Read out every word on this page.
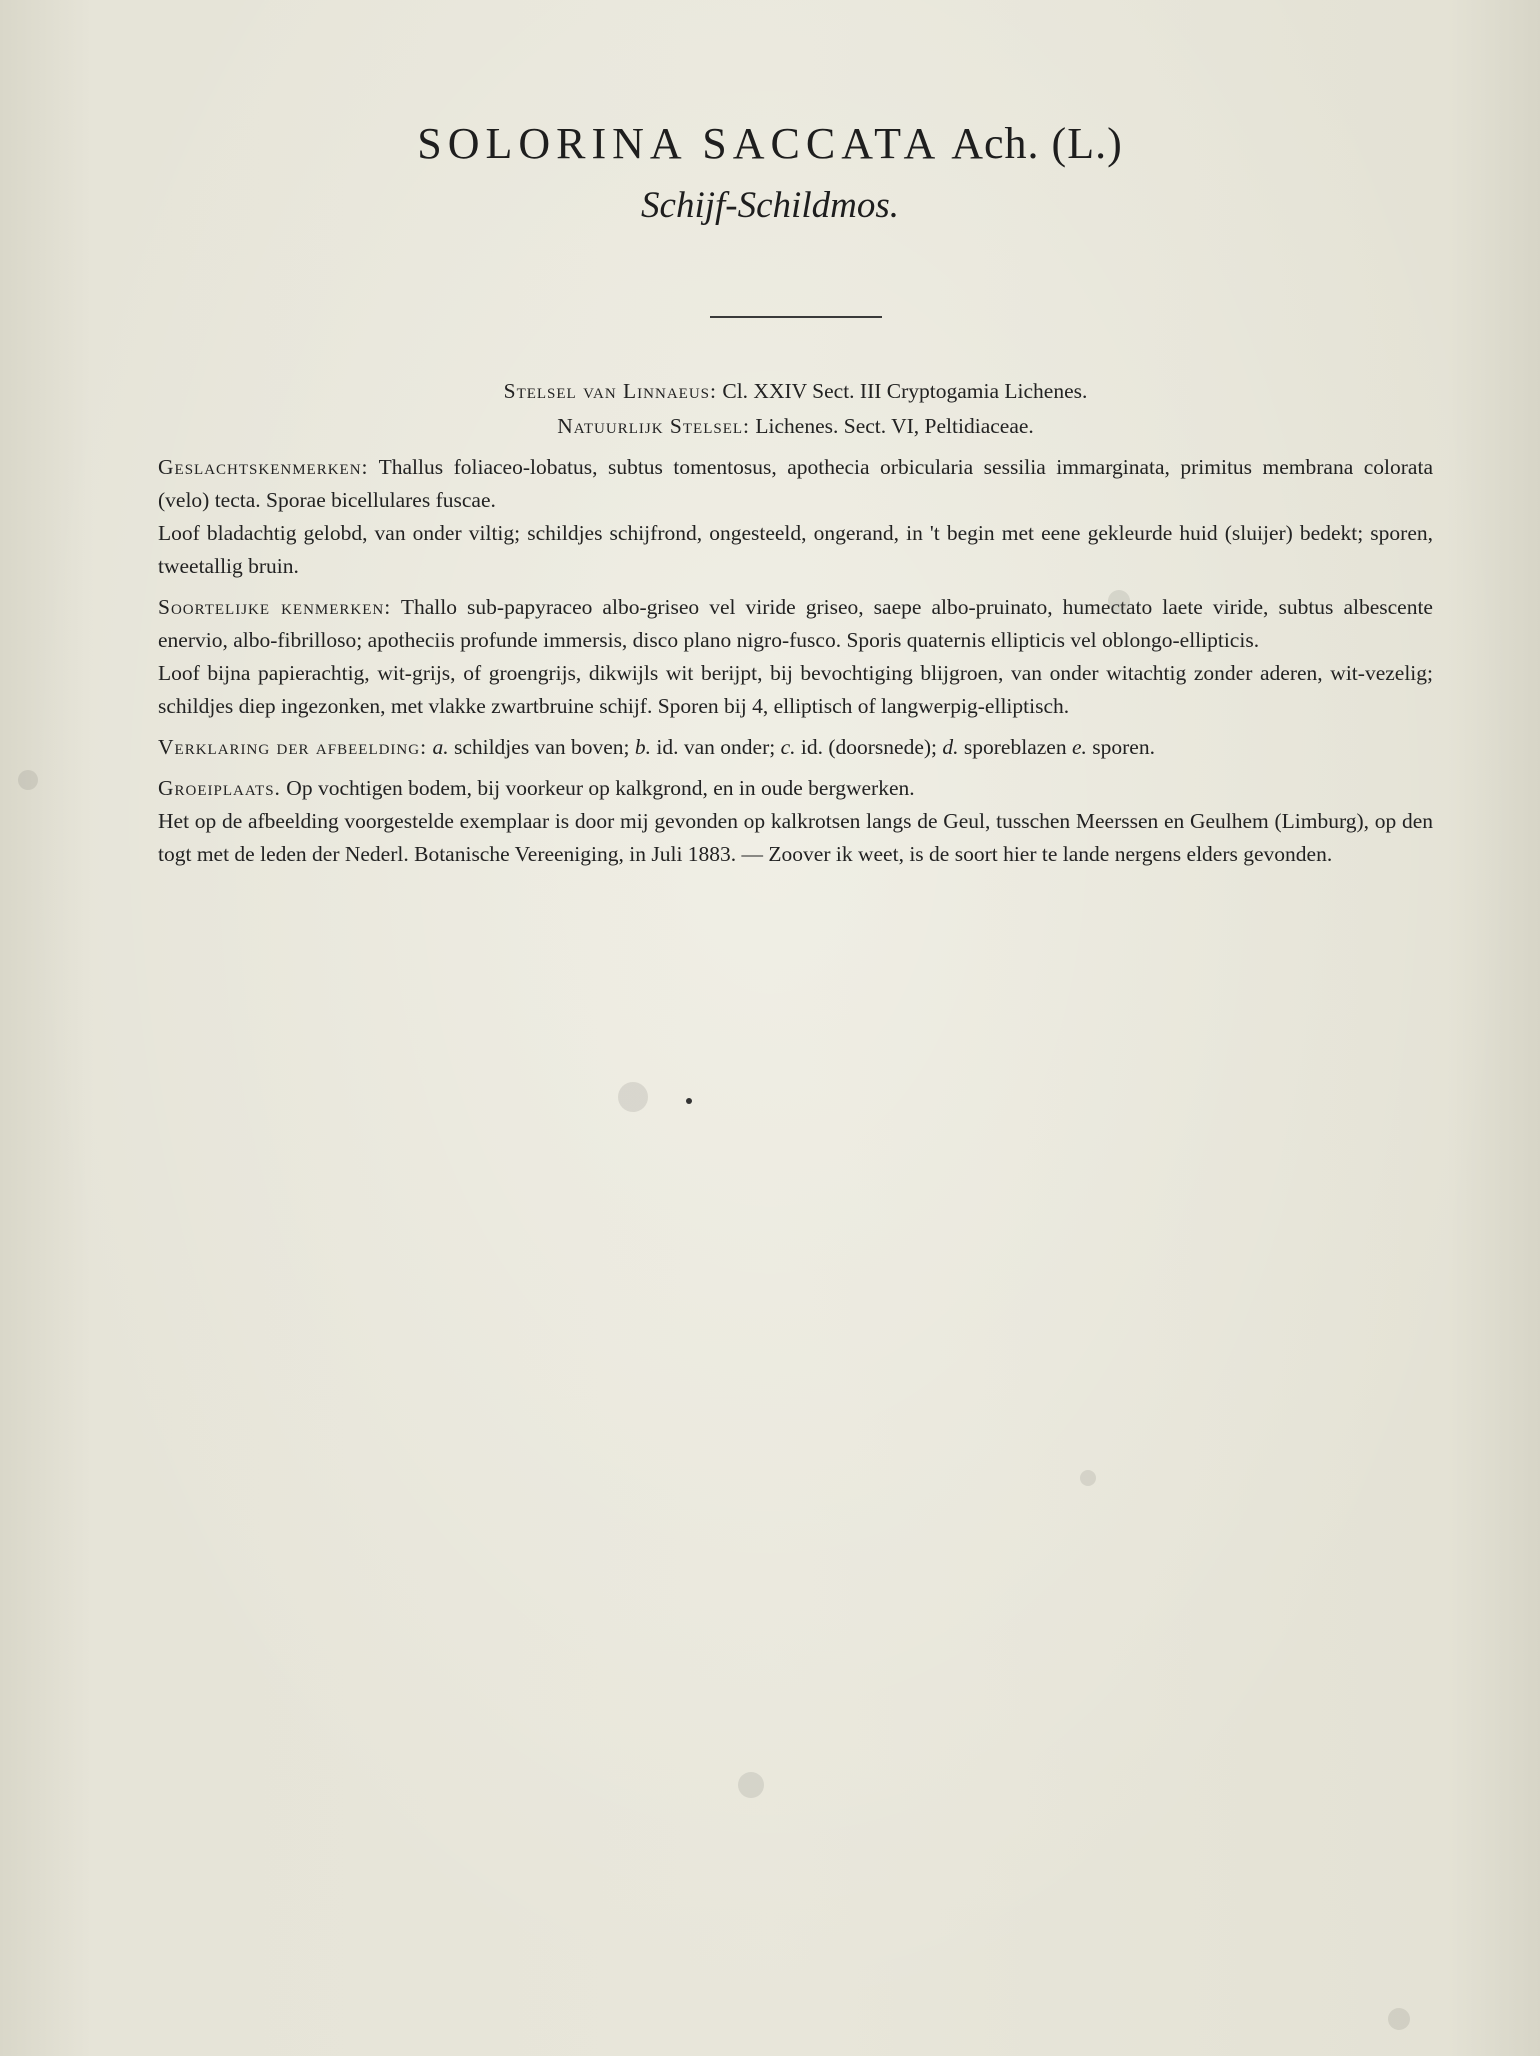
SOLORINA SACCATA Ach. (L.)
Schijf-Schildmos.
Stelsel van Linnaeus: Cl. XXIV Sect. III Cryptogamia Lichenes.
Natuurlijk Stelsel: Lichenes. Sect. VI, Peltidiaceae.

Geslachtskenmerken: Thallus foliaceo-lobatus, subtus tomentosus, apothecia orbicularia sessilia immarginata, primitus membrana colorata (velo) tecta. Sporae bicellulares fuscae.

Loof bladachtig gelobd, van onder viltig; schildjes schijfrond, ongesteeld, ongerand, in 't begin met eene gekleurde huid (sluijer) bedekt; sporen, tweetallig bruin.

Soortelijke kenmerken: Thallo sub-papyraceo albo-griseo vel viride griseo, saepe albo-pruinato, humectato laete viride, subtus albescente enervio, albo-fibrilloso; apotheciis profunde immersis, disco plano nigro-fusco. Sporis quaternis ellipticis vel oblongo-ellipticis.

Loof bijna papierachtig, wit-grijs, of groengrijs, dikwijls wit berijpt, bij bevochtiging blijgroen, van onder witachtig zonder aderen, wit-vezelig; schildjes diep ingezonken, met vlakke zwartbruine schijf. Sporen bij 4, elliptisch of langwerpig-elliptisch.

Verklaring der afbeelding: a. schildjes van boven; b. id. van onder; c. id. (doorsnede); d. sporeblazen e. sporen.

Groeiplaats. Op vochtigen bodem, bij voorkeur op kalkgrond, en in oude bergwerken.

Het op de afbeelding voorgestelde exemplaar is door mij gevonden op kalkrotsen langs de Geul, tusschen Meerssen en Geulhem (Limburg), op den togt met de leden der Nederl. Botanische Vereeniging, in Juli 1883. — Zoover ik weet, is de soort hier te lande nergens elders gevonden.
